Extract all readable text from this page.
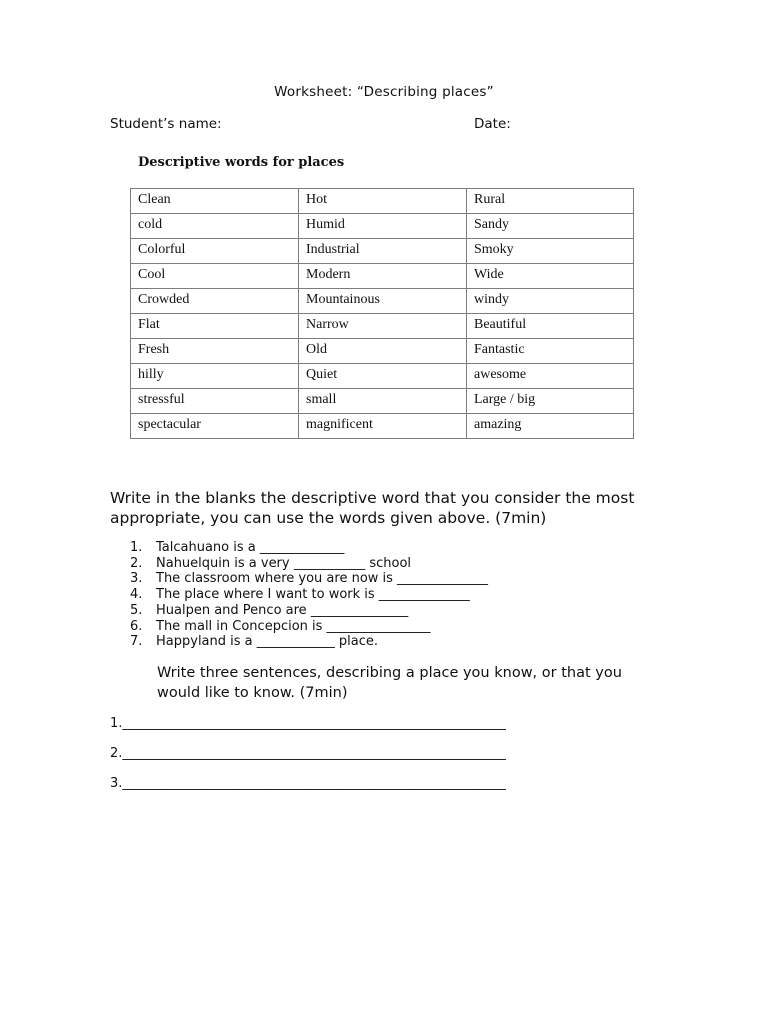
Worksheet: “Describing places”
Student’s name:	Date:
Descriptive words for places
Clean	Hot	Rural
cold	Humid	Sandy
Colorful	Industrial	Smoky
Cool	Modern	Wide
Crowded	Mountainous	windy
Flat	Narrow	Beautiful
Fresh	Old	Fantastic
hilly	Quiet	awesome
stressful	small	Large / big
spectacular	magnificent	amazing
Write in the blanks the descriptive word that you consider the most appropriate, you can use the words given above. (7min)
1. Talcahuano is a _____________
2. Nahuelquin is a very ___________ school
3. The classroom where you are now is ______________
4. The place where I want to work is ______________
5. Hualpen and Penco are _______________
6. The mall in Concepcion is ________________
7. Happyland is a ____________ place.
Write three sentences, describing a place you know, or that you would like to know. (7min)
1.___________________________________________________________
2.___________________________________________________________
3.___________________________________________________________
